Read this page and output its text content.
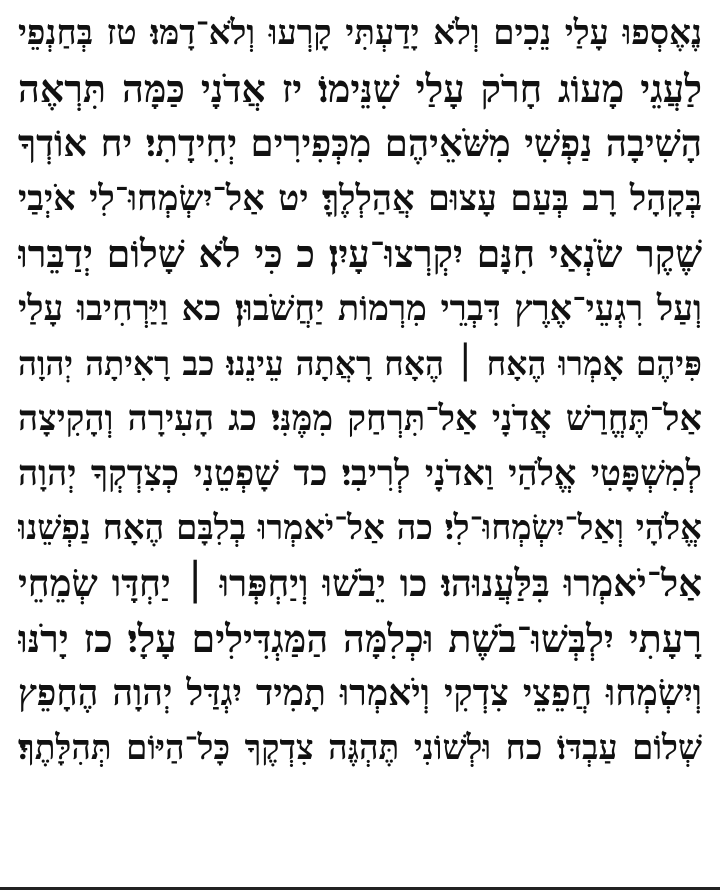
נֶאֶסְפוּ עָלַי נֵכִים וְלֹא יָדַעְתִּי קָרְעוּ וְלֹא־דָמּוּ׃ טז בְּחַנְפֵי
לַעֲגֵי מָעוֹג חָרֹק עָלַי שִׁנֵּימוֹ׃ יז אֲדֹנָי כַּמָּה תִּרְאֶה
הָשִׁיבָה נַפְשִׁי מִשֹּׁאֵיהֶם מִכְּפִירִים יְחִידָתִי׃ יח אוֹדְךָ
בְּקָהָל רָב בְּעַם עָצוּם אֲהַלְלֶךָּ׃ יט אַל־יִשְׂמְחוּ־לִי אֹיְבַי
שֶׁקֶר שֹׂנְאַי חִנָּם יִקְרְצוּ־עָיִן׃ כ כִּי לֹא שָׁלוֹם יְדַבֵּרוּ
וְעַל רִגְעֵי־אֶרֶץ דִּבְרֵי מִרְמוֹת יַחֲשֹׁבוּן׃ כא וַיַּרְחִיבוּ עָלַי
פִּיהֶם אָמְרוּ הֶאָח ׀ הֶאָח רָאֲתָה עֵינֵנוּ׃ כב רָאִיתָה יְהוָה
אַל־תֶּחֱרַשׁ אֲדֹנָי אַל־תִּרְחַק מִמֶּנִּי׃ כג הָעִירָה וְהָקִיצָה
לְמִשְׁפָּטִי אֱלֹהַי וַאדֹנָי לְרִיבִי׃ כד שָׁפְטֵנִי כְצִדְקְךָ יְהוָה
אֱלֹהָי וְאַל־יִשְׂמְחוּ־לִי׃ כה אַל־יֹאמְרוּ בְלִבָּם הֶאָח נַפְשֵׁנוּ
אַל־יֹאמְרוּ בִּלַּעֲנוּהוּ׃ כו יֵבֹשׁוּ וְיַחְפְּרוּ ׀ יַחְדָּו שְׂמֵחֵי
רָעָתִי יִלְבְּשׁוּ־בֹשֶׁת וּכְלִמָּה הַמַּגְדִּילִים עָלָי׃ כז יָרֹנּוּ
וְיִשְׂמְחוּ חֲפֵצֵי צִדְקִי וְיֹאמְרוּ תָמִיד יִגְדַּל יְהוָה הֶחָפֵץ
שְׁלוֹם עַבְדּוֹ׃ כח וּלְשׁוֹנִי תֶּהְגֶּה צִדְקֶךָ כָּל־הַיּוֹם תְּהִלָּתֶךָ׃
